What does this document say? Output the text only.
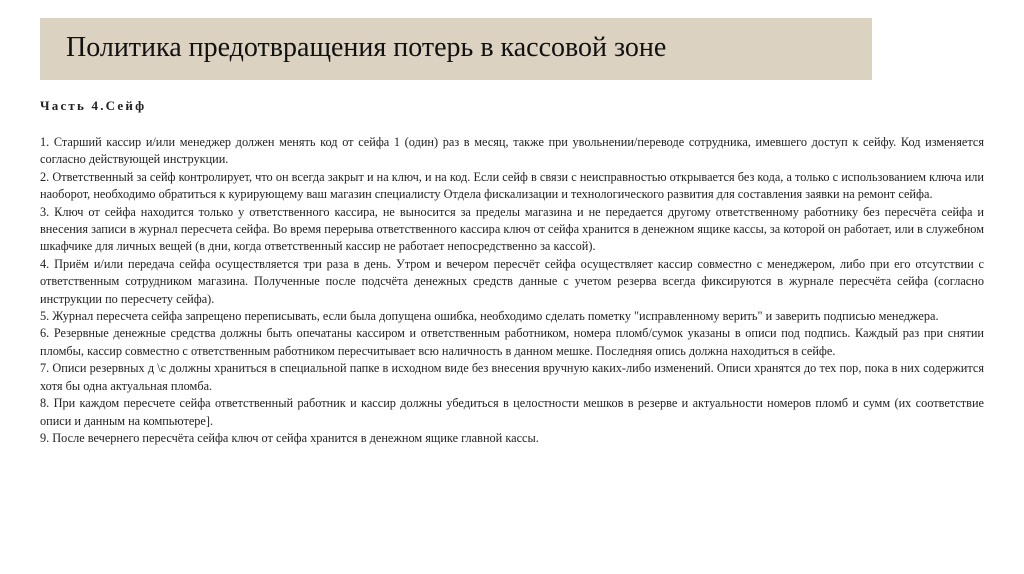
Политика предотвращения потерь в кассовой зоне
Часть 4.Сейф
1. Старший кассир и/или менеджер должен менять код от сейфа 1 (один) раз в месяц, также при увольнении/переводе сотрудника, имевшего доступ к сейфу. Код изменяется согласно действующей инструкции.
2. Ответственный за сейф контролирует, что он всегда закрыт и на ключ, и на код. Если сейф в связи с неисправностью открывается без кода, а только с использованием ключа или наоборот, необходимо обратиться к курирующему ваш магазин специалисту Отдела фискализации и технологического развития для составления заявки на ремонт сейфа.
3. Ключ от сейфа находится только у ответственного кассира, не выносится за пределы магазина и не передается другому ответственному работнику без пересчёта сейфа и внесения записи в журнал пересчета сейфа. Во время перерыва ответственного кассира ключ от сейфа хранится в денежном ящике кассы, за которой он работает, или в служебном шкафчике для личных вещей (в дни, когда ответственный кассир не работает непосредственно за кассой).
4. Приём и/или передача сейфа осуществляется три раза в день. Утром и вечером пересчёт сейфа осуществляет кассир совместно с менеджером, либо при его отсутствии с ответственным сотрудником магазина. Полученные после подсчёта денежных средств данные с учетом резерва всегда фиксируются в журнале пересчёта сейфа (согласно инструкции по пересчету сейфа).
5. Журнал пересчета сейфа запрещено переписывать, если была допущена ошибка, необходимо сделать пометку "исправленному верить" и заверить подписью менеджера.
6. Резервные денежные средства должны быть опечатаны кассиром и ответственным работником, номера пломб/сумок указаны в описи под подпись. Каждый раз при снятии пломбы, кассир совместно с ответственным работником пересчитывает всю наличность в данном мешке. Последняя опись должна находиться в сейфе.
7. Описи резервных д \с должны храниться в специальной папке в исходном виде без внесения вручную каких-либо изменений. Описи хранятся до тех пор, пока в них содержится хотя бы одна актуальная пломба.
8. При каждом пересчете сейфа ответственный работник и кассир должны убедиться в целостности мешков в резерве и актуальности номеров пломб и сумм (их соответствие описи и данным на компьютере].
9. После вечернего пересчёта сейфа ключ от сейфа хранится в денежном ящике главной кассы.
